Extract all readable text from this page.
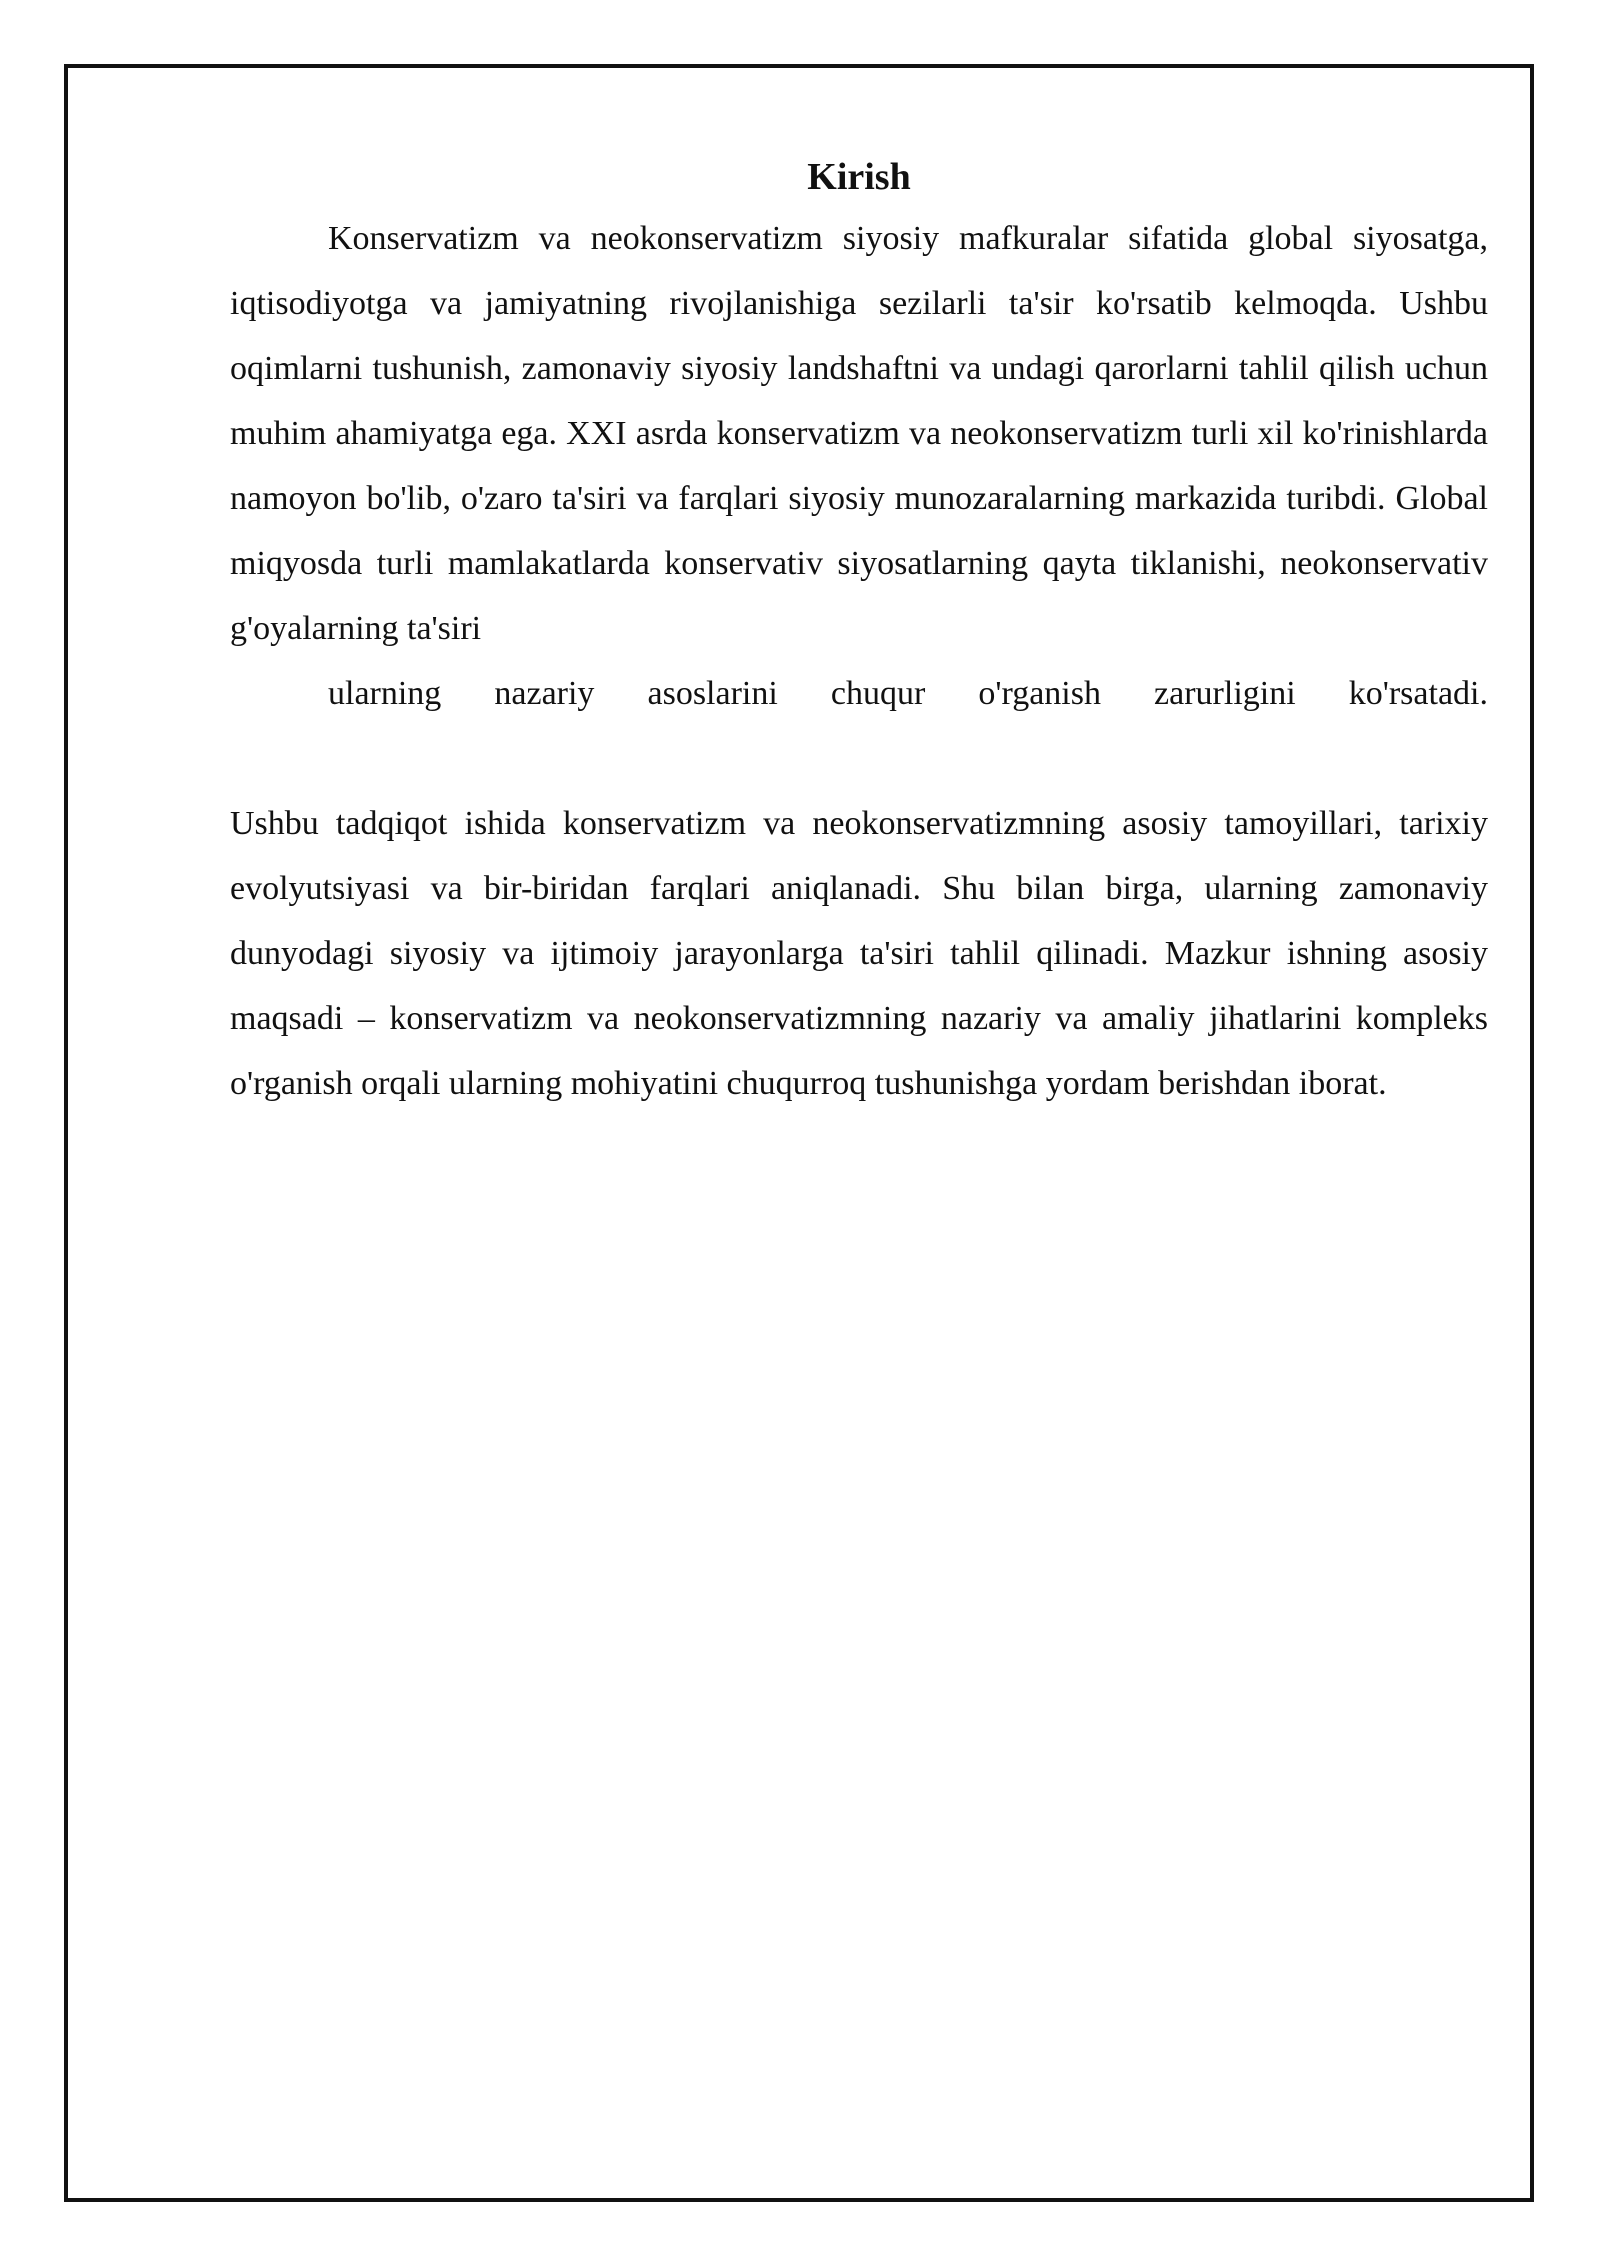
Kirish

Konservatizm va neokonservatizm siyosiy mafkuralar sifatida global siyosatga, iqtisodiyotga va jamiyatning rivojlanishiga sezilarli ta'sir ko'rsatib kelmoqda. Ushbu oqimlarni tushunish, zamonaviy siyosiy landshaftni va undagi qarorlarni tahlil qilish uchun muhim ahamiyatga ega. XXI asrda konservatizm va neokonservatizm turli xil ko'rinishlarda namoyon bo'lib, o'zaro ta'siri va farqlari siyosiy munozaralarning markazida turibdi. Global miqyosda turli mamlakatlarda konservativ siyosatlarning qayta tiklanishi, neokonservativ g'oyalarning ta'siri
ularning nazariy asoslarini chuqur o'rganish zarurligini ko'rsatadi.

Ushbu tadqiqot ishida konservatizm va neokonservatizmning asosiy tamoyillari, tarixiy evolyutsiyasi va bir-biridan farqlari aniqlanadi. Shu bilan birga, ularning zamonaviy dunyodagi siyosiy va ijtimoiy jarayonlarga ta'siri tahlil qilinadi. Mazkur ishning asosiy maqsadi – konservatizm va neokonservatizmning nazariy va amaliy jihatlarini kompleks o'rganish orqali ularning mohiyatini chuqurroq tushunishga yordam berishdan iborat.
